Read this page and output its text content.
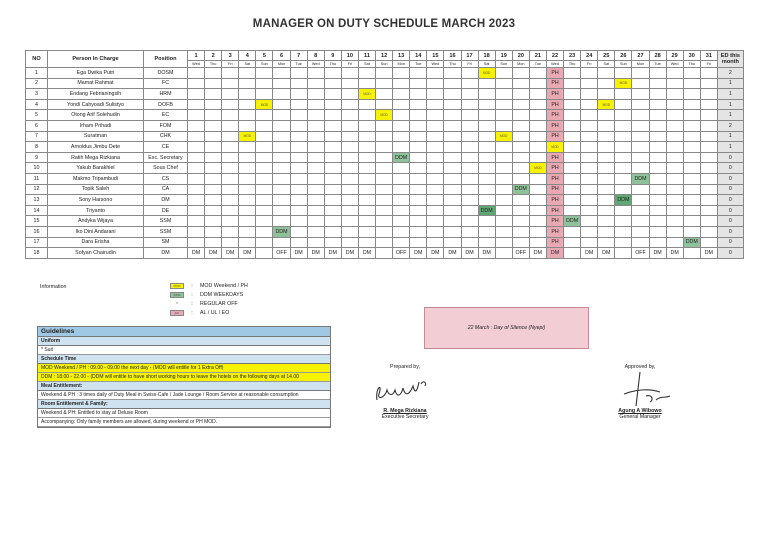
MANAGER ON DUTY SCHEDULE MARCH 2023
NO	Person In Charge	Position	1	2	3	4	5	6	7	8	9	10	11	12	13	14	15	16	17	18	19	20	21	22	23	24	25	26	27	28	29	30	31	ED this month
			Wed	Thu	Fri	Sat	Sun	Mon	Tue	Wed	Thu	Fri	Sat	Sun	Mon	Tue	Wed	Thu	Fri	Sat	Sun	Mon	Tue	Wed	Thu	Fri	Sat	Sun	Mon	Tue	Wed	Thu	Fri	
1	Ega Dwika Putri	DOSM																		MOD				PH										2
2	Mamat Rahmat	FC																						PH				MOD						1
3	Endang Febrianingsih	HRM											MOD											PH										1
4	Yondi Cahyoadi Sulistyo	DOFB					MOD																	PH			MOD							1
5	Otong Arif Solehudin	EC												MOD										PH										1
6	Irham Prihadi	FOM																						PH										2
7	Suratman	CHK				MOD															MOD			PH										1
8	Arnoldus Jimbu Dete	CE																						MOD										1
9	Ratih Mega Rizkiana	Exc. Secretary													DDM									PH										0
10	Yakub Barakhiel	Sous Chef																					MOD	PH										0
11	Makmo Tripambudi	CS																						PH					DDM					0
12	Topik Saleh	CA																				DDM		PH										0
13	Sony Harsono	DM																						PH				DDM						0
14	Triyanto	DE																		DDM				PH										0
15	Andyka Wijaya	SSM																						PH	DDM									0
16	Iko Dini Andarani	SSM						DDM																PH										0
17	Dara Erisha	SM																						PH								DDM		0
18	Sofyan Chairudin	DM	DM	DM	DM	DM		OFF	DM	DM	DM	DM	DM		OFF	DM	DM	DM	DM	DM		OFF	DM	DM		DM	DM		OFF	DM	DM		DM	0
Information	MOD	:	MOD Weekend / PH
DDM	:	DDM WEEKDAYS
X	:	REGULAR OFF
EO	:	AL / UL / EO
22 March : Day of Silence (Nyepi)
Guidelines
Uniform
* Suit
Schedule Time
MOD Weekend / PH : 09.00 - 09.00 the next day - (MOD will entitle for 1 Extra Off)
DDM : 18.00 - 22.00 - (DDM will entitle to have short working hours to leave the hotels on the following days at 14.00
Meal Entitlement:
Weekend & PH : 3 times daily of Duty Meal in Swiss-Cafe / Jade Lounge / Room Service at reasonable consumption
Room Entitlement & Family:
Weekend & PH: Entitled to stay at Deluxe Room
Accompanying: Only family members are allowed, during weekend or PH MOD.
Prepared by,
R. Mega Rizkiana
Executive Secretary
Approved by,
Agung A Wibowo
General Manager
